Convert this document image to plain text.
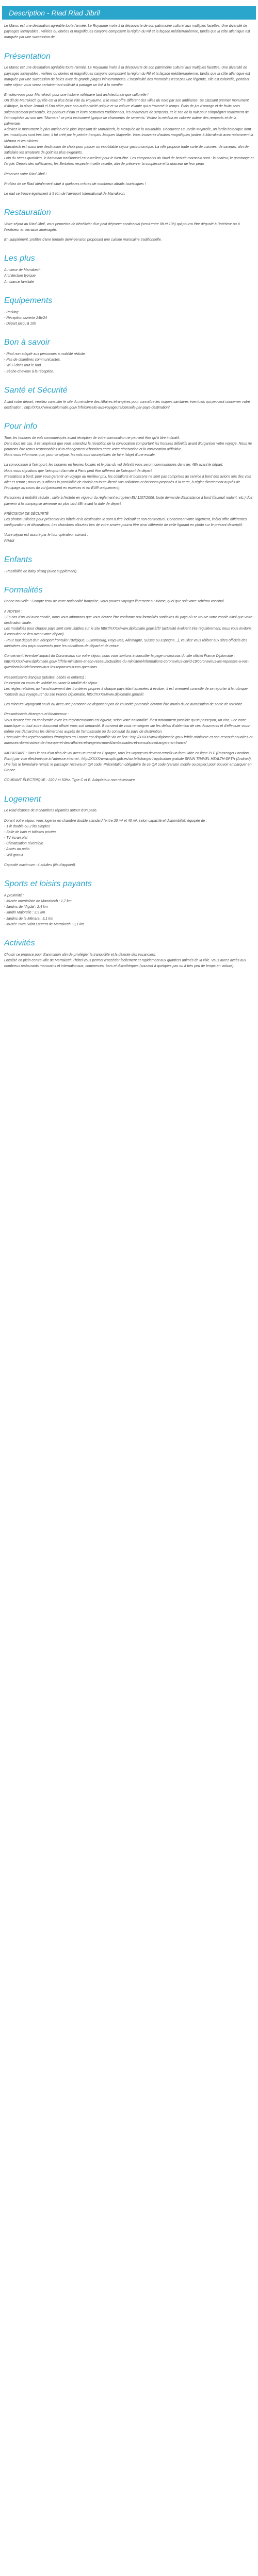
Description - Riad Riad Jibril

Le Maroc est une destination agréable toute l'année. Le Royaume invite à la découverte de son patrimoine culturel aux multiples facettes. Une diversité de paysages incroyables : voilées ou dorées et magnifiques canyons composent la région du Rif et la façade méditerranéenne, tandis que la côte atlantique est marquée par une succession de ...

Présentation

Le Maroc est une destination agréable toute l'année. Le Royaume invite à la découverte de son patrimoine culturel aux multiples facettes. Une diversité de paysages incroyables : voilées ou dorées et magnifiques canyons composent la région du Rif et la façade méditerranéenne, tandis que la côte atlantique est marquée par une succession de baies avec de grands plages ininterrompues. L'hospitalité des marocains n'est pas une légende, elle est culturelle, pendant votre séjour vous serez certainement sollicité à partager un thé à la menthe.

Envolez-vous pour Marrakech pour une histoire millénaire tant architecturale que culturelle !
On dit de Marrakech qu'elle est la plus belle ville du Royaume. Elle vous offre différent des villes du nord par son ambiance. Se classant premier monument d'Afrique, la place Jemaâ el Fna attire pour son authenticité unique et sa culture vivante qui a traversé le temps. Étals de jus d'orange et de fruits secs soigneusement présentés, les porteurs d'eau et leurs costumes traditionnels, les charmeurs de serpents, et le son de la nuit pour s'imprégner totalement de l'atmosphère au son des "Mizmars" ce petit instrument typique de charmeurs de serpents. Visitez la médina en colorée auteur des remparts et de la palmeraie.
Admirez le monument le plus ancien et le plus imposant de Marrakech, la Mosquée de la Koutoubia. Découvrez Le Jardin Majorelle, un jardin botanique dont les mosaïques sont très bien, il fut créé par le peintre français Jacques Majorelle. Vous trouverez d'autres magnifiques jardins à Marrakech avec notamment la Ménara et les oliviers.
Marrakech est aussi une destination de choix pour passer un inoubliable séjour gastronomique. La ville propose toute sorte de cuisines, de saveurs, afin de satisfaire les amateurs de goût les plus exigeants.
Loin du stress quotidien, le hammam traditionnel est excellent pour le bien-être. Les composants du rituel de beauté marocain sont : la chaleur, le gommage et l'argile. Depuis des millénaires, les Berbères respectent cette recette, afin de préserver la souplesse et la douceur de leur peau.

Réservez votre Riad Jibril !

Profitez de ce Riad idéalement situé à quelques mètres de nombreux attraits touristiques !

Le riad se trouve également à 5 Km de l'aéroport International de Marrakech.

Restauration

Votre séjour au Riad Jibril, vous permettra de bénéficier d'un petit déjeuner continental (servi entre 8h et 10h) qui pourra être dégusté à l'intérieur ou à l'extérieur en terrasse aménagée.

En supplément, profitez d'une formule demi-pension proposant une cuisine marocaine traditionnelle.

Les plus
Au cœur de Marrakech
Architecture typique
Ambiance familiale
Equipements
- Parking
- Réception ouverte 24h/24
- Départ jusqu'à 10h
Bon à savoir

- Riad non adapté aux personnes à mobilité réduite.
- Pas de chambres communicantes.
- Wi-Fi dans tout le riad.
- Sèche-cheveux à la réception.

Santé et Sécurité

Avant votre départ, veuillez consulter le site du ministère des Affaires étrangères pour connaître les risques sanitaires éventuels qui peuvent concerner votre destination : http://XXXX/www.diplomatie.gouv.fr/fr/conseils-aux-voyageurs/conseils-par-pays-destination/

Pour info

Tous les horaires de vols communiqués avant réception de votre convocation ne peuvent être qu'à titre indicatif.
Dans tous les cas, il est impératif que vous attendiez la réception de la convocation comportant les horaires définitifs avant d'organiser votre voyage. Nous ne pourrons être tenus responsables d'un changement d'horaires entre votre réservation et la convocation définitive.
Nous vous informons que, pour ce séjour, les vols sont susceptibles de faire l'objet d'une escale.

La convocation à l'aéroport, les horaires en heures locales et le plan du vol définitif vous seront communiqués dans les 48h avant le départ.
Nous vous signalons que l'aéroport d'arrivée à Paris peut être différent de l'aéroport de départ.
Prestations à bord: pour vous garantir un voyage au meilleur prix, les collations et boissons ne sont pas comprises au service à bord des avions lors des vols aller et retour ; nous vous offrons la possibilité de choisir en toute liberté vos collations et boissons proposés à la carte, à régler directement auprès de l'équipage au cours du vol (paiement en espèces et en EUR uniquement).

Personnes à mobilité réduite : suite à l'entrée en vigueur du règlement européen EU 1107/2006, toute demande d'assistance à bord (fauteuil roulant, etc.) doit parvenir à la compagnie aérienne au plus tard 48h avant la date de départ.

PRÉCISION DE SÉCURITÉ
Les photos utilisées pour présenter les hôtels et la destination le sont à titre indicatif et non contractuel. Concernant votre logement, l'hôtel offre différentes configurations et décorations. Les chambres allouées lors de votre arrivée pourra être ainsi différente de celle figurant en photo sur le présent descriptif.

Votre séjour est assuré par le tour opérateur suivant :
FRAM

Enfants

- Possibilité de baby sitting (avec supplément).

Formalités

Bonne nouvelle : Compte tenu de votre nationalité française, vous pouvez voyager librement au Maroc, quel que soit votre schéma vaccinal.

A NOTER :
- En cas d'un vol avec escale, nous vous informons que vous devrez être conforme aux formalités sanitaires du pays où se trouve votre escale ainsi que votre destination finale.
Les modalités pour chaque pays sont consultables sur le site http://XXXX/www.diplomatie.gouv.fr/fr/ (actualité évoluant très régulièrement, nous vous invitons à consulter ce lien avant votre départ).
- Pour tout départ d'un aéroport frontalier (Belgique, Luxembourg, Pays-Bas, Allemagne, Suisse ou Espagne...), veuillez vous référer aux sites officiels des ministères des pays concernés pour les conditions de départ et de retour.

Concernant l'éventuel impact du Coronavirus sur votre séjour, nous vous invitons à consulter la page ci-dessous du site officiel France Diplomatie : http://XXXX/www.diplomatie.gouv.fr/fr/le-ministere-et-son-reseau/actualites-du-ministere/informations-coronavirus-covid-19/coronavirus-les-reponses-a-vos-questions/article/coronavirus-les-reponses-a-vos-questions

Ressortissants français (adultes, bébés et enfants) :
Passeport en cours de validité couvrant la totalité du séjour.
Les règles relatives au franchissement des frontières propres à chaque pays étant amenées à évoluer, il est vivement conseillé de se reporter à la rubrique "conseils aux voyageurs" du site France Diplomatie, http://XXXX/www.diplomatie.gouv.fr/.

Les mineurs voyageant seuls ou avec une personne ne disposant pas de l'autorité parentale devront être munis d'une autorisation de sortie de territoire.

Ressortissants étrangers et binationaux :
Vous devrez être en conformité avec les réglementations en vigueur, selon votre nationalité. Il est notamment possible qu'un passeport, un visa, une carte touristique ou tout autre document officiel vous soit demandé. Il convient de vous renseigner sur les délais d'obtention de ces documents et d'effectuer vous-même vos démarches les démarches auprès de l'ambassade ou du consulat du pays de destination.
L'annuaire des représentations étrangères en France est disponible via ce lien : http://XXXX/www.diplomatie.gouv.fr/fr/le-ministere-et-son-reseau/annuaires-et-adresses-du-ministere-de-l-europe-et-des-affaires-etrangeres-maedi/ambassades-et-consulats-etrangers-en-france/

IMPORTANT : Dans le cas d'un plan de vol avec un transit en Espagne, tous les voyageurs devront remplir un formulaire en ligne PLF (Passenger Location Form) par voie électronique à l'adresse internet : http://XXXX/www.spth.gob.es/ou télécharger l'application gratuite SPAIN TRAVEL HEALTH-SPTH (Android). Une fois le formulaire rempli, le passager recevra un QR code. Présentation obligatoire de ce QR code (version mobile ou papier) pour pouvoir embarquer en France.

COURANT ÉLECTRIQUE : 220V et 50Hz. Type C et E. Adaptateur non nécessaire.

Logement

Le Riad dispose de 8 chambres réparties autour d'un patio.

Durant votre séjour, vous logerez en chambre double standard (entre 20 m² et 40 m², selon capacité et disponibilité) équipée de :
- 1 lit double ou 2 lits simples
- Salle de bain et toilettes privées
- TV écran plat
- Climatisation réversible
- Accès au patio
- Wifi gratuit

Capacité maximum : 4 adultes (lits d'appoint).

Sports et loisirs payants

A proximité :
- Musée orientaliste de Marrakech : 1,7 km
- Jardins de l'Agdal : 2,4 km
- Jardin Majorelle : 2,9 km
- Jardins de la Ménara : 3,1 km
- Musée Yves Saint Laurent de Marrakech : 3,1 km

Activités

Choisir ce propose pour d'animation afin de privilégier la tranquillité et la détente des vacanciers.
Localisé en plein centre-ville de Marrakech, l'hôtel vous permet d'accéder facilement et rapidement aux quartiers animés de la ville. Vous aurez accès aux nombreux restaurants marocains et internationaux, commerces, bars et discothèques (souvent à quelques pas ou à très peu de temps en voiture).
